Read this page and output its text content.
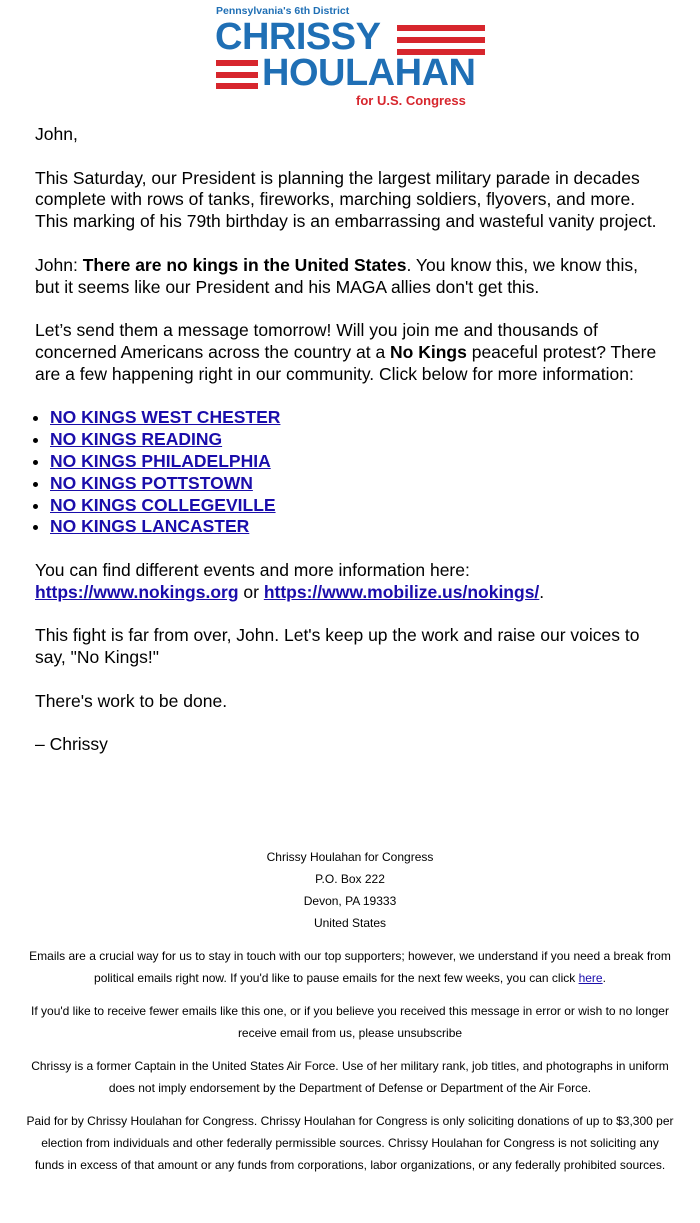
Pennsylvania's 6th District
CHRISSY
HOULAHAN
for U.S. Congress

John,

This Saturday, our President is planning the largest military parade in decades complete with rows of tanks, fireworks, marching soldiers, flyovers, and more. This marking of his 79th birthday is an embarrassing and wasteful vanity project.

John: There are no kings in the United States. You know this, we know this, but it seems like our President and his MAGA allies don't get this.

Let’s send them a message tomorrow! Will you join me and thousands of concerned Americans across the country at a No Kings peaceful protest? There are a few happening right in our community. Click below for more information:

• NO KINGS WEST CHESTER
• NO KINGS READING
• NO KINGS PHILADELPHIA
• NO KINGS POTTSTOWN
• NO KINGS COLLEGEVILLE
• NO KINGS LANCASTER

You can find different events and more information here: https://www.nokings.org or https://www.mobilize.us/nokings/.

This fight is far from over, John. Let's keep up the work and raise our voices to say, "No Kings!"

There's work to be done.

– Chrissy

Chrissy Houlahan for Congress
P.O. Box 222
Devon, PA 19333
United States

Emails are a crucial way for us to stay in touch with our top supporters; however, we understand if you need a break from political emails right now. If you'd like to pause emails for the next few weeks, you can click here.

If you'd like to receive fewer emails like this one, or if you believe you received this message in error or wish to no longer receive email from us, please unsubscribe

Chrissy is a former Captain in the United States Air Force. Use of her military rank, job titles, and photographs in uniform does not imply endorsement by the Department of Defense or Department of the Air Force.

Paid for by Chrissy Houlahan for Congress. Chrissy Houlahan for Congress is only soliciting donations of up to $3,300 per election from individuals and other federally permissible sources. Chrissy Houlahan for Congress is not soliciting any funds in excess of that amount or any funds from corporations, labor organizations, or any federally prohibited sources.
